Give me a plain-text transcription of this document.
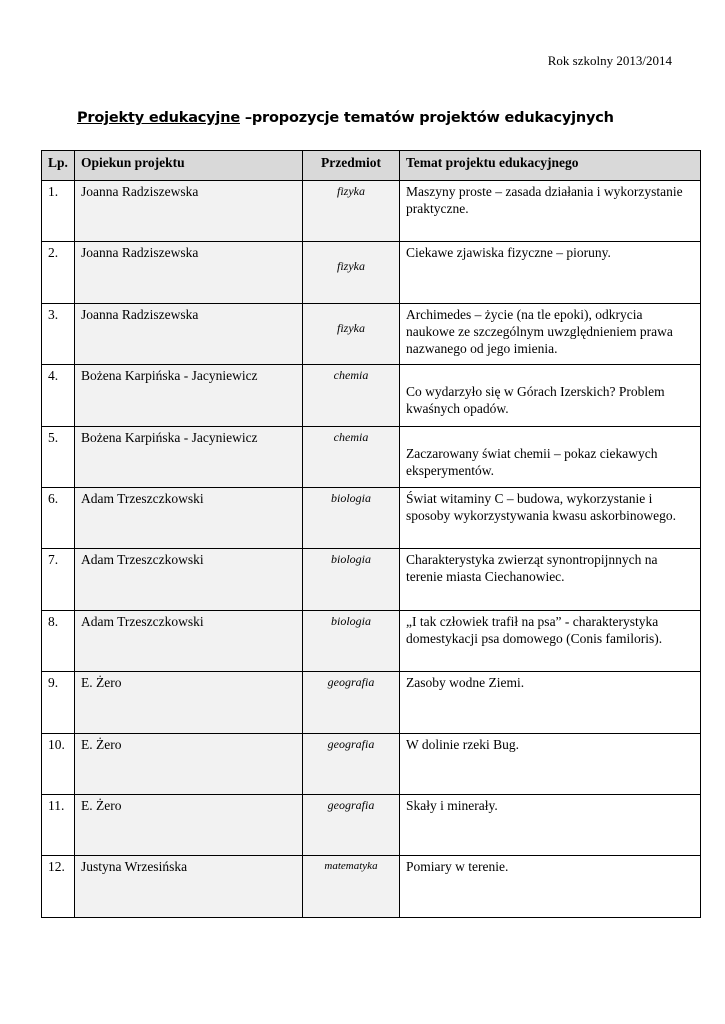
Rok szkolny 2013/2014
Projekty edukacyjne –propozycje tematów projektów edukacyjnych
Lp.	Opiekun projektu	Przedmiot	Temat projektu edukacyjnego
1.	Joanna Radziszewska	fizyka	Maszyny proste – zasada działania i wykorzystanie praktyczne.
2.	Joanna Radziszewska	fizyka	Ciekawe zjawiska fizyczne – pioruny.
3.	Joanna Radziszewska	fizyka	Archimedes – życie (na tle epoki), odkrycia naukowe ze szczególnym uwzględnieniem prawa nazwanego od jego imienia.
4.	Bożena Karpińska - Jacyniewicz	chemia	Co wydarzyło się w Górach Izerskich? Problem kwaśnych opadów.

5.	Bożena Karpińska - Jacyniewicz	chemia	Zaczarowany świat chemii – pokaz ciekawych eksperymentów.

6.	Adam Trzeszczkowski	biologia	Świat witaminy C – budowa, wykorzystanie i sposoby wykorzystywania kwasu askorbinowego.
7.	Adam Trzeszczkowski	biologia	Charakterystyka zwierząt synontropijnnych na terenie miasta Ciechanowiec.
8.	Adam Trzeszczkowski	biologia	„I tak człowiek trafił na psa” - charakterystyka domestykacji psa domowego (Conis familoris).
9.	E. Żero	geografia	Zasoby wodne Ziemi.
10.	E. Żero	geografia	W dolinie rzeki Bug.
11.	E. Żero	geografia	Skały i minerały.
12.	Justyna Wrzesińska	matematyka	Pomiary w terenie.
